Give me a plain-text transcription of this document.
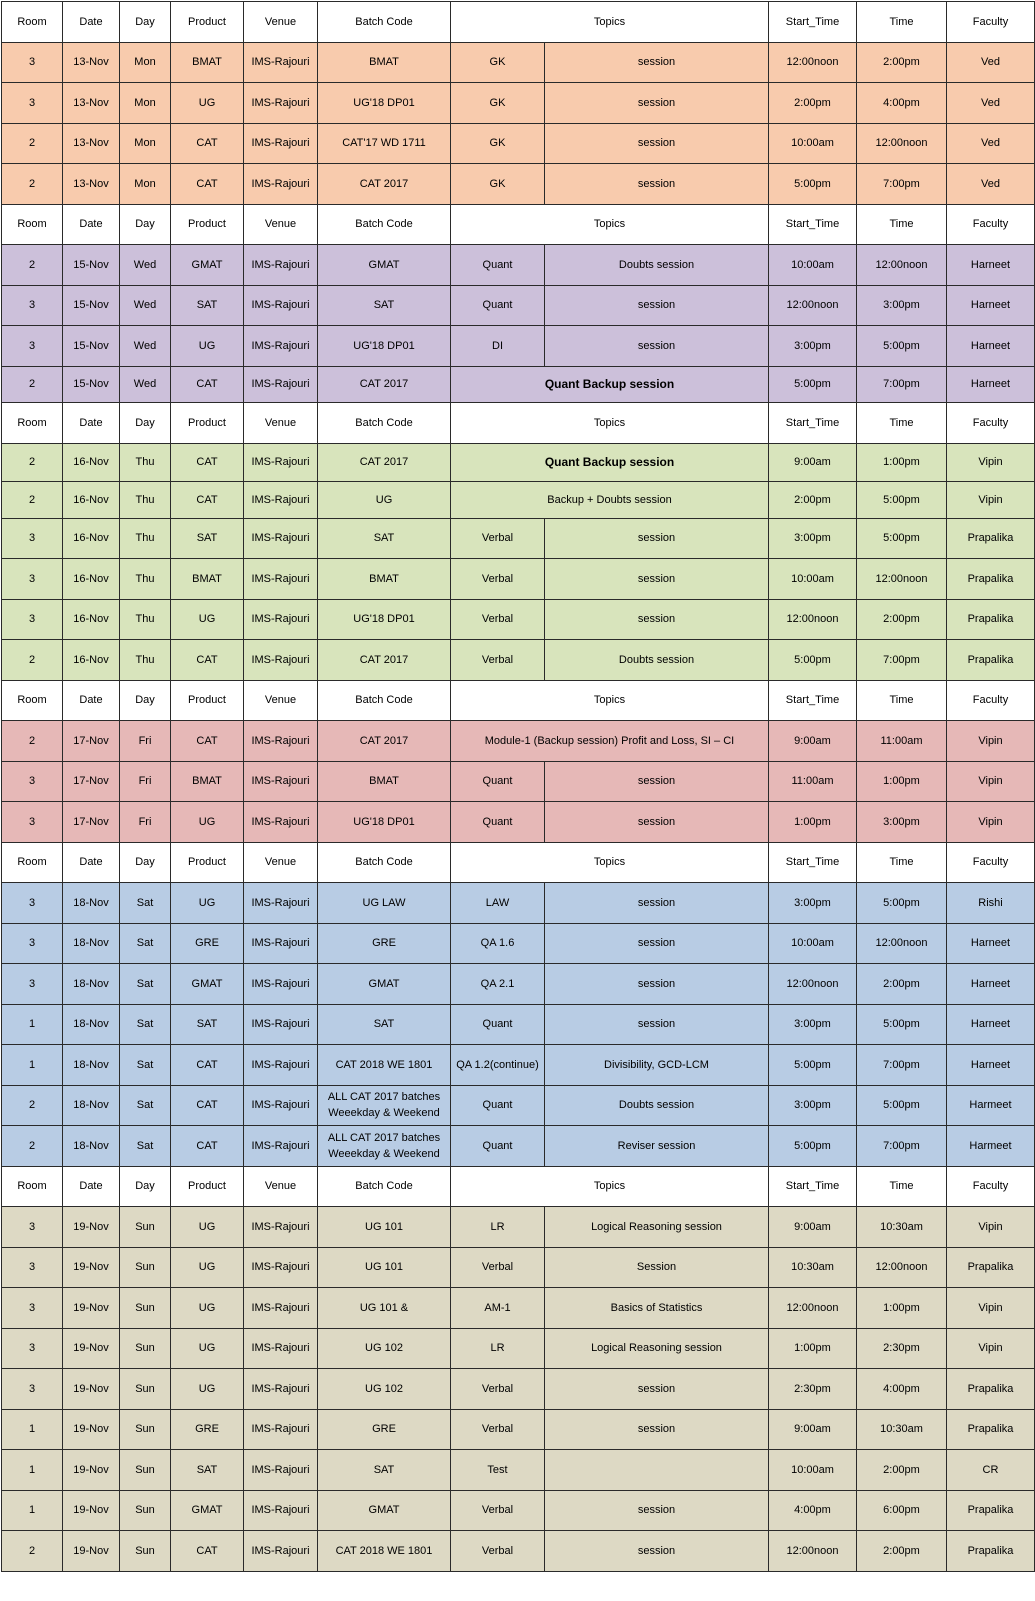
Room	Date	Day	Product	Venue	Batch Code	Topics		Start_Time	Time	Faculty
3	13-Nov	Mon	BMAT	IMS-Rajouri	BMAT	GK	session	12:00noon	2:00pm	Ved
3	13-Nov	Mon	UG	IMS-Rajouri	UG'18 DP01	GK	session	2:00pm	4:00pm	Ved
2	13-Nov	Mon	CAT	IMS-Rajouri	CAT'17 WD 1711	GK	session	10:00am	12:00noon	Ved
2	13-Nov	Mon	CAT	IMS-Rajouri	CAT 2017	GK	session	5:00pm	7:00pm	Ved
Room	Date	Day	Product	Venue	Batch Code	Topics		Start_Time	Time	Faculty
2	15-Nov	Wed	GMAT	IMS-Rajouri	GMAT	Quant	Doubts session	10:00am	12:00noon	Harneet
3	15-Nov	Wed	SAT	IMS-Rajouri	SAT	Quant	session	12:00noon	3:00pm	Harneet
3	15-Nov	Wed	UG	IMS-Rajouri	UG'18 DP01	DI	session	3:00pm	5:00pm	Harneet
2	15-Nov	Wed	CAT	IMS-Rajouri	CAT 2017	Quant Backup session		5:00pm	7:00pm	Harneet
Room	Date	Day	Product	Venue	Batch Code	Topics		Start_Time	Time	Faculty
2	16-Nov	Thu	CAT	IMS-Rajouri	CAT 2017	Quant Backup session		9:00am	1:00pm	Vipin
2	16-Nov	Thu	CAT	IMS-Rajouri	UG	Backup + Doubts session		2:00pm	5:00pm	Vipin
3	16-Nov	Thu	SAT	IMS-Rajouri	SAT	Verbal	session	3:00pm	5:00pm	Prapalika
3	16-Nov	Thu	BMAT	IMS-Rajouri	BMAT	Verbal	session	10:00am	12:00noon	Prapalika
3	16-Nov	Thu	UG	IMS-Rajouri	UG'18 DP01	Verbal	session	12:00noon	2:00pm	Prapalika
2	16-Nov	Thu	CAT	IMS-Rajouri	CAT 2017	Verbal	Doubts session	5:00pm	7:00pm	Prapalika
Room	Date	Day	Product	Venue	Batch Code	Topics		Start_Time	Time	Faculty
2	17-Nov	Fri	CAT	IMS-Rajouri	CAT 2017	Module-1 (Backup session) Profit and Loss, SI – CI		9:00am	11:00am	Vipin
3	17-Nov	Fri	BMAT	IMS-Rajouri	BMAT	Quant	session	11:00am	1:00pm	Vipin
3	17-Nov	Fri	UG	IMS-Rajouri	UG'18 DP01	Quant	session	1:00pm	3:00pm	Vipin
Room	Date	Day	Product	Venue	Batch Code	Topics		Start_Time	Time	Faculty
3	18-Nov	Sat	UG	IMS-Rajouri	UG LAW	LAW	session	3:00pm	5:00pm	Rishi
3	18-Nov	Sat	GRE	IMS-Rajouri	GRE	QA 1.6	session	10:00am	12:00noon	Harneet
3	18-Nov	Sat	GMAT	IMS-Rajouri	GMAT	QA 2.1	session	12:00noon	2:00pm	Harneet
1	18-Nov	Sat	SAT	IMS-Rajouri	SAT	Quant	session	3:00pm	5:00pm	Harneet
1	18-Nov	Sat	CAT	IMS-Rajouri	CAT 2018 WE 1801	QA 1.2(continue)	Divisibility, GCD-LCM	5:00pm	7:00pm	Harneet
2	18-Nov	Sat	CAT	IMS-Rajouri	ALL CAT 2017 batches Weeekday & Weekend	Quant	Doubts session	3:00pm	5:00pm	Harmeet
2	18-Nov	Sat	CAT	IMS-Rajouri	ALL CAT 2017 batches Weeekday & Weekend	Quant	Reviser session	5:00pm	7:00pm	Harmeet
Room	Date	Day	Product	Venue	Batch Code	Topics		Start_Time	Time	Faculty
3	19-Nov	Sun	UG	IMS-Rajouri	UG 101	LR	Logical Reasoning session	9:00am	10:30am	Vipin
3	19-Nov	Sun	UG	IMS-Rajouri	UG 101	Verbal	Session	10:30am	12:00noon	Prapalika
3	19-Nov	Sun	UG	IMS-Rajouri	UG 101 &	AM-1	Basics of Statistics	12:00noon	1:00pm	Vipin
3	19-Nov	Sun	UG	IMS-Rajouri	UG 102	LR	Logical Reasoning session	1:00pm	2:30pm	Vipin
3	19-Nov	Sun	UG	IMS-Rajouri	UG 102	Verbal	session	2:30pm	4:00pm	Prapalika
1	19-Nov	Sun	GRE	IMS-Rajouri	GRE	Verbal	session	9:00am	10:30am	Prapalika
1	19-Nov	Sun	SAT	IMS-Rajouri	SAT	Test		10:00am	2:00pm	CR
1	19-Nov	Sun	GMAT	IMS-Rajouri	GMAT	Verbal	session	4:00pm	6:00pm	Prapalika
2	19-Nov	Sun	CAT	IMS-Rajouri	CAT 2018 WE 1801	Verbal	session	12:00noon	2:00pm	Prapalika
